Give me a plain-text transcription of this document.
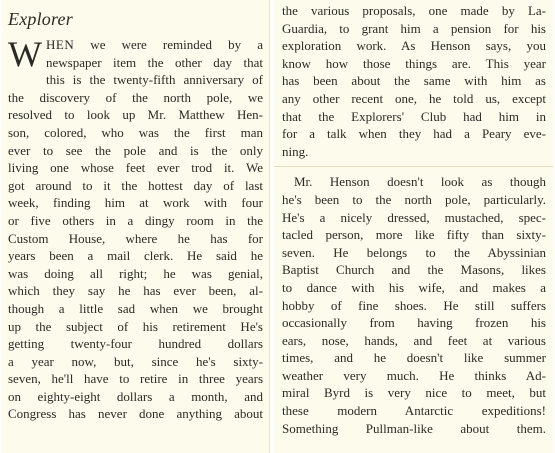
Explorer
W HEN we were reminded by a
newspaper item the other day that
this is the twenty-fifth anniversary of
the discovery of the north pole, we
resolved to look up Mr. Matthew Hen-
son, colored, who was the first man
ever to see the pole and is the only
living one whose feet ever trod it. We
got around to it the hottest day of last
week, finding him at work with four
or five others in a dingy room in the
Custom House, where he has for
years been a mail clerk. He said he
was doing all right; he was genial,
which they say he has ever been, al-
though a little sad when we brought
up the subject of his retirement He's
getting twenty-four hundred dollars
a year now, but, since he's sixty-
seven, he'll have to retire in three years
on eighty-eight dollars a month, and
Congress has never done anything about

the various proposals, one made by La-
Guardia, to grant him a pension for his
exploration work. As Henson says, you
know how those things are. This year
has been about the same with him as
any other recent one, he told us, except
that the Explorers' Club had him in
for a talk when they had a Peary eve-
ning.
Mr. Henson doesn't look as though
he's been to the north pole, particularly.
He's a nicely dressed, mustached, spec-
tacled person, more like fifty than sixty-
seven. He belongs to the Abyssinian
Baptist Church and the Masons, likes
to dance with his wife, and makes a
hobby of fine shoes. He still suffers
occasionally from having frozen his
ears, nose, hands, and feet at various
times, and he doesn't like summer
weather very much. He thinks Ad-
miral Byrd is very nice to meet, but
these modern Antarctic expeditions!
Something Pullman-like about them.
